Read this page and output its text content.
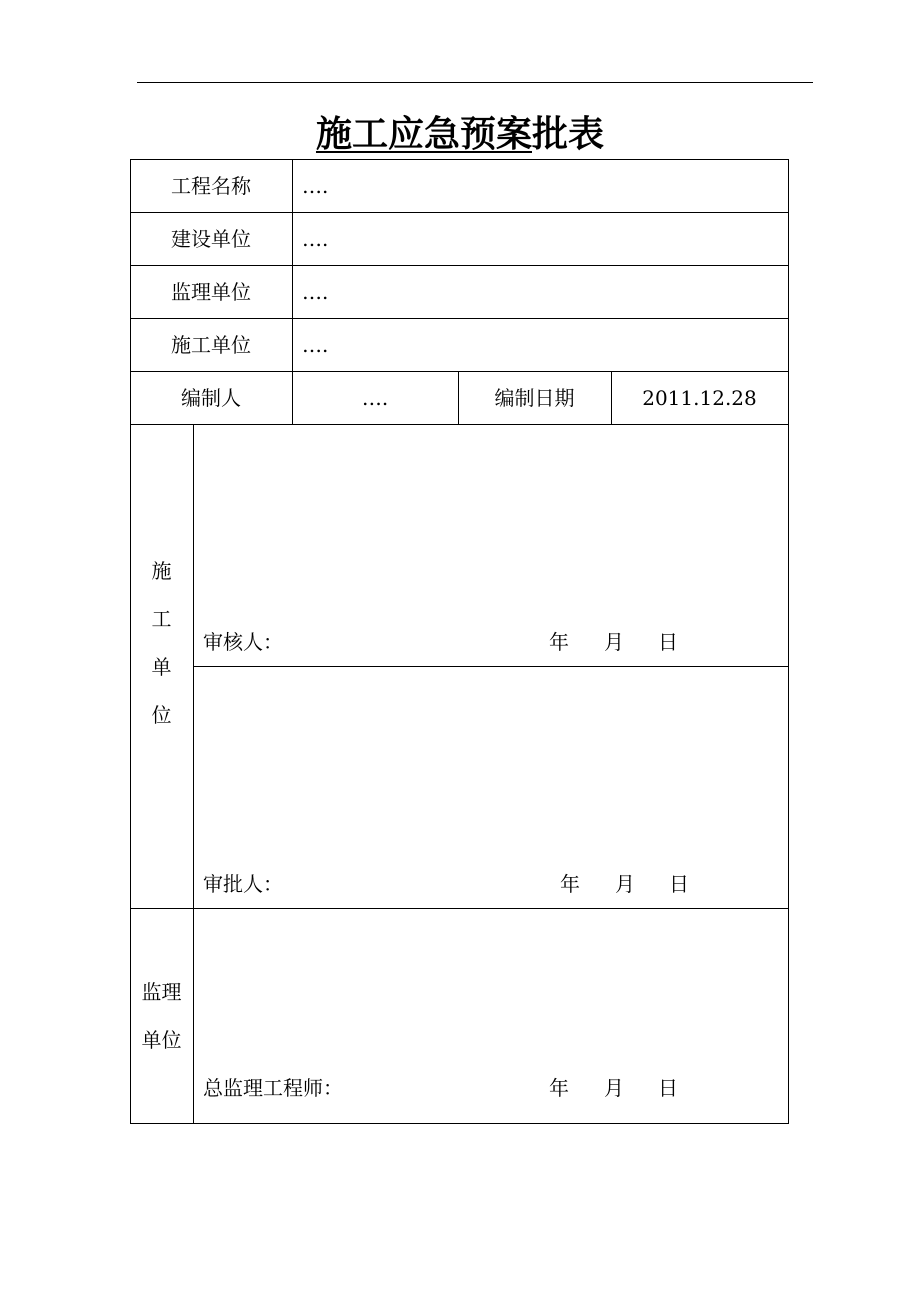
施工应急预案批表
工程名称	….
建设单位	….
监理单位	….
施工单位	….
编制人	….	编制日期	2011.12.28
施
工
单
位
审核人：	年 月 日
审批人：	年 月 日
监理
单位
总监理工程师：	年 月 日
